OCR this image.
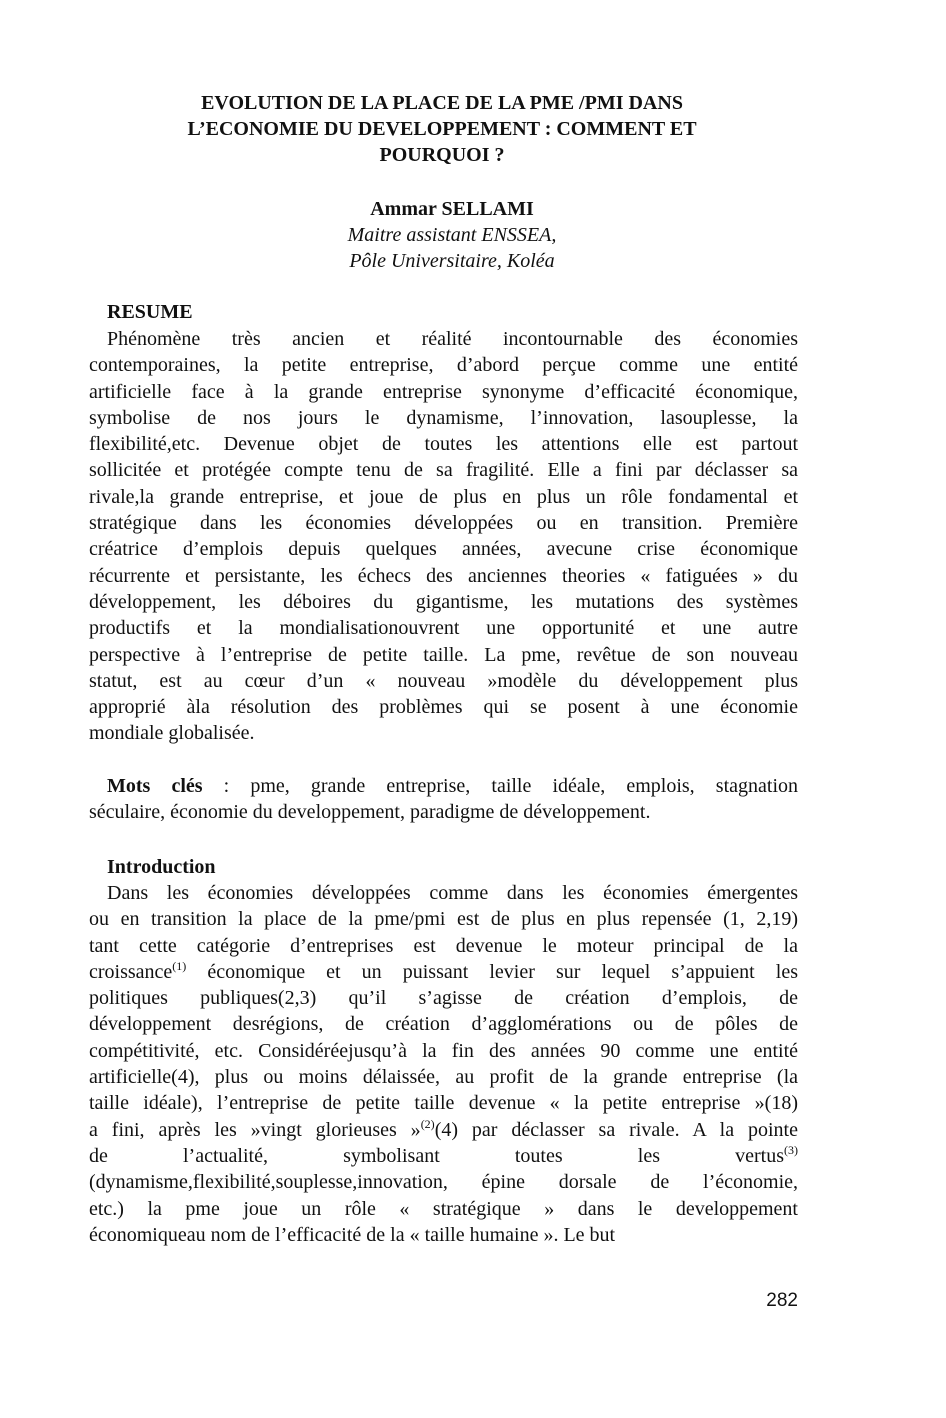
EVOLUTION DE LA PLACE DE LA PME /PMI DANS
L’ECONOMIE DU DEVELOPPEMENT : COMMENT ET
POURQUOI ?
Ammar SELLAMI
Maitre assistant ENSSEA,
Pôle Universitaire, Koléa
RESUME
Phénomène très ancien et réalité incontournable des économies
contemporaines, la petite entreprise, d’abord perçue comme une entité
artificielle face à la grande entreprise synonyme d’efficacité économique,
symbolise de nos jours le dynamisme, l’innovation, lasouplesse, la
flexibilité,etc. Devenue objet de toutes les attentions elle est partout
sollicitée et protégée compte tenu de sa fragilité. Elle a fini par déclasser sa
rivale,la grande entreprise, et joue de plus en plus un rôle fondamental et
stratégique dans les économies développées ou en transition. Première
créatrice d’emplois depuis quelques années, avecune crise économique
récurrente et persistante, les échecs des anciennes theories « fatiguées » du
développement, les déboires du gigantisme, les mutations des systèmes
productifs et la mondialisationouvrent une opportunité et une autre
perspective à l’entreprise de petite taille. La pme, revêtue de son nouveau
statut, est au cœur d’un « nouveau »modèle du développement plus
approprié àla résolution des problèmes qui se posent à une économie
mondiale globalisée.
Mots clés : pme, grande entreprise, taille idéale, emplois, stagnation
séculaire, économie du developpement, paradigme de développement.
Introduction
Dans les économies développées comme dans les économies émergentes
ou en transition la place de la pme/pmi est de plus en plus repensée (1, 2,19)
tant cette catégorie d’entreprises est devenue le moteur principal de la
croissance$^{(1)}$ économique et un puissant levier sur lequel s’appuient les
politiques publiques(2,3) qu’il s’agisse de création d’emplois, de
développement desrégions, de création d’agglomérations ou de pôles de
compétitivité, etc. Considéréejusqu’à la fin des années 90 comme une entité
artificielle(4), plus ou moins délaissée, au profit de la grande entreprise (la
taille idéale), l’entreprise de petite taille devenue « la petite entreprise »(18)
a fini, après les »vingt glorieuses »$^{(2)}$(4) par déclasser sa rivale. A la pointe
de l’actualité, symbolisant toutes les vertus$^{(3)}$
(dynamisme,flexibilité,souplesse,innovation, épine dorsale de l’économie,
etc.) la pme joue un rôle « stratégique » dans le developpement
économiqueau nom de l’efficacité de la « taille humaine ». Le but
282
